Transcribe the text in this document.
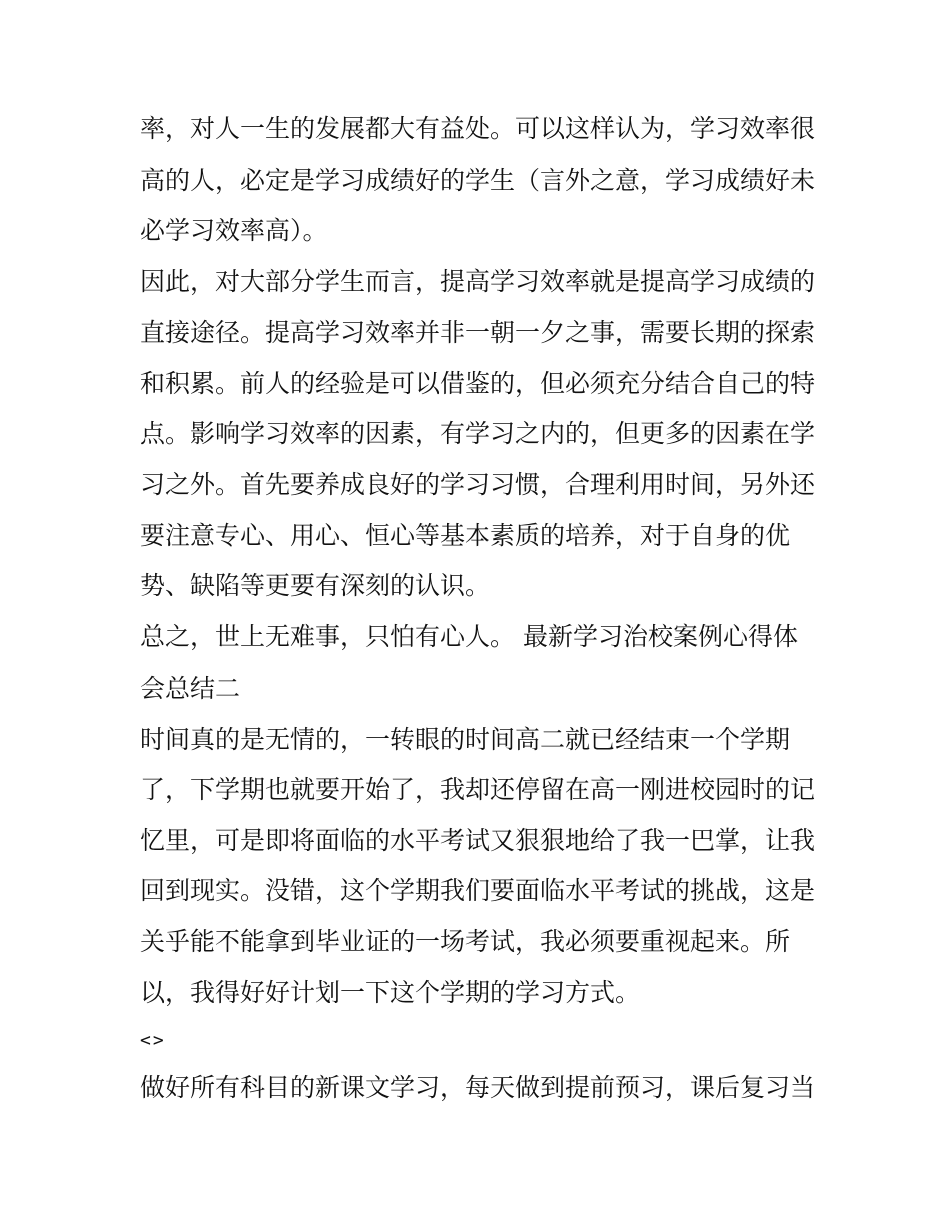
率，对人一生的发展都大有益处。可以这样认为，学习效率很

高的人，必定是学习成绩好的学生（言外之意，学习成绩好未

必学习效率高）。

因此，对大部分学生而言，提高学习效率就是提高学习成绩的

直接途径。提高学习效率并非一朝一夕之事，需要长期的探索

和积累。前人的经验是可以借鉴的，但必须充分结合自己的特

点。影响学习效率的因素，有学习之内的，但更多的因素在学

习之外。首先要养成良好的学习习惯，合理利用时间，另外还

要注意专心、用心、恒心等基本素质的培养，对于自身的优

势、缺陷等更要有深刻的认识。

总之，世上无难事，只怕有心人。 最新学习治校案例心得体

会总结二

时间真的是无情的，一转眼的时间高二就已经结束一个学期

了，下学期也就要开始了，我却还停留在高一刚进校园时的记

忆里，可是即将面临的水平考试又狠狠地给了我一巴掌，让我

回到现实。没错，这个学期我们要面临水平考试的挑战，这是

关乎能不能拿到毕业证的一场考试，我必须要重视起来。所

以，我得好好计划一下这个学期的学习方式。

<>

做好所有科目的新课文学习，每天做到提前预习，课后复习当
